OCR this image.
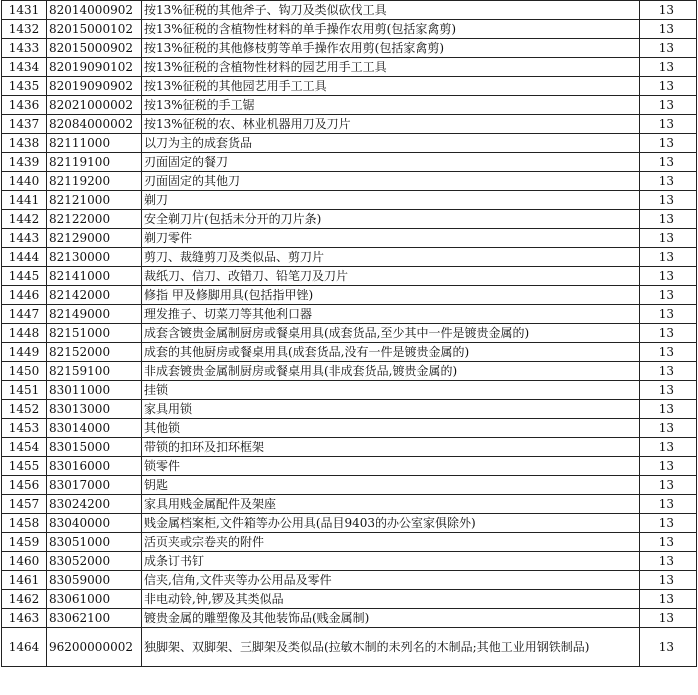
1431	82014000902	按13%征税的其他斧子、钩刀及类似砍伐工具	13
1432	82015000102	按13%征税的含植物性材料的单手操作农用剪(包括家禽剪)	13
1433	82015000902	按13%征税的其他修枝剪等单手操作农用剪(包括家禽剪)	13
1434	82019090102	按13%征税的含植物性材料的园艺用手工工具	13
1435	82019090902	按13%征税的其他园艺用手工工具	13
1436	82021000002	按13%征税的手工锯	13
1437	82084000002	按13%征税的农、林业机器用刀及刀片	13
1438	82111000	以刀为主的成套货品	13
1439	82119100	刃面固定的餐刀	13
1440	82119200	刃面固定的其他刀	13
1441	82121000	剃刀	13
1442	82122000	安全剃刀片(包括未分开的刀片条)	13
1443	82129000	剃刀零件	13
1444	82130000	剪刀、裁缝剪刀及类似品、剪刀片	13
1445	82141000	裁纸刀、信刀、改错刀、铅笔刀及刀片	13
1446	82142000	修指 甲及修脚用具(包括指甲锉)	13
1447	82149000	理发推子、切菜刀等其他利口器	13
1448	82151000	成套含镀贵金属制厨房或餐桌用具(成套货品,至少其中一件是镀贵金属的)	13
1449	82152000	成套的其他厨房或餐桌用具(成套货品,没有一件是镀贵金属的)	13
1450	82159100	非成套镀贵金属制厨房或餐桌用具(非成套货品,镀贵金属的)	13
1451	83011000	挂锁	13
1452	83013000	家具用锁	13
1453	83014000	其他锁	13
1454	83015000	带锁的扣环及扣环框架	13
1455	83016000	锁零件	13
1456	83017000	钥匙	13
1457	83024200	家具用贱金属配件及架座	13
1458	83040000	贱金属档案柜,文件箱等办公用具(品目9403的办公室家俱除外)	13
1459	83051000	活页夹或宗卷夹的附件	13
1460	83052000	成条订书钉	13
1461	83059000	信夹,信角,文件夹等办公用品及零件	13
1462	83061000	非电动铃,钟,锣及其类似品	13
1463	83062100	镀贵金属的雕塑像及其他装饰品(贱金属制)	13
1464	96200000002	独脚架、双脚架、三脚架及类似品(拉敏木制的未列名的木制品;其他工业用钢铁制品)	13
